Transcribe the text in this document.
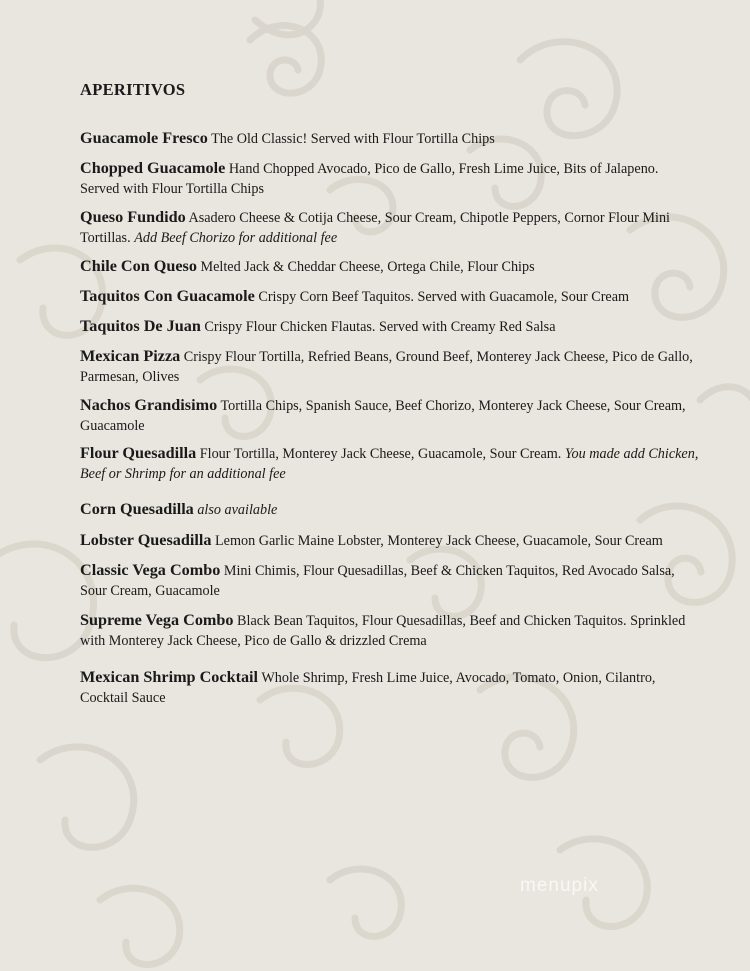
APERITIVOS
Guacamole Fresco The Old Classic! Served with Flour Tortilla Chips
Chopped Guacamole Hand Chopped Avocado, Pico de Gallo, Fresh Lime Juice, Bits of Jalapeno. Served with Flour Tortilla Chips
Queso Fundido Asadero Cheese & Cotija Cheese, Sour Cream, Chipotle Peppers, Cornor Flour Mini Tortillas. Add Beef Chorizo for additional fee
Chile Con Queso Melted Jack & Cheddar Cheese, Ortega Chile, Flour Chips
Taquitos Con Guacamole Crispy Corn Beef Taquitos. Served with Guacamole, Sour Cream
Taquitos De Juan Crispy Flour Chicken Flautas. Served with Creamy Red Salsa
Mexican Pizza Crispy Flour Tortilla, Refried Beans, Ground Beef, Monterey Jack Cheese, Pico de Gallo, Parmesan, Olives
Nachos Grandisimo Tortilla Chips, Spanish Sauce, Beef Chorizo, Monterey Jack Cheese, Sour Cream, Guacamole
Flour Quesadilla Flour Tortilla, Monterey Jack Cheese, Guacamole, Sour Cream. You made add Chicken, Beef or Shrimp for an additional fee
Corn Quesadilla also available
Lobster Quesadilla Lemon Garlic Maine Lobster, Monterey Jack Cheese, Guacamole, Sour Cream
Classic Vega Combo Mini Chimis, Flour Quesadillas, Beef & Chicken Taquitos, Red Avocado Salsa, Sour Cream, Guacamole
Supreme Vega Combo Black Bean Taquitos, Flour Quesadillas, Beef and Chicken Taquitos. Sprinkled with Monterey Jack Cheese, Pico de Gallo & drizzled Crema
Mexican Shrimp Cocktail Whole Shrimp, Fresh Lime Juice, Avocado, Tomato, Onion, Cilantro, Cocktail Sauce
menupix
